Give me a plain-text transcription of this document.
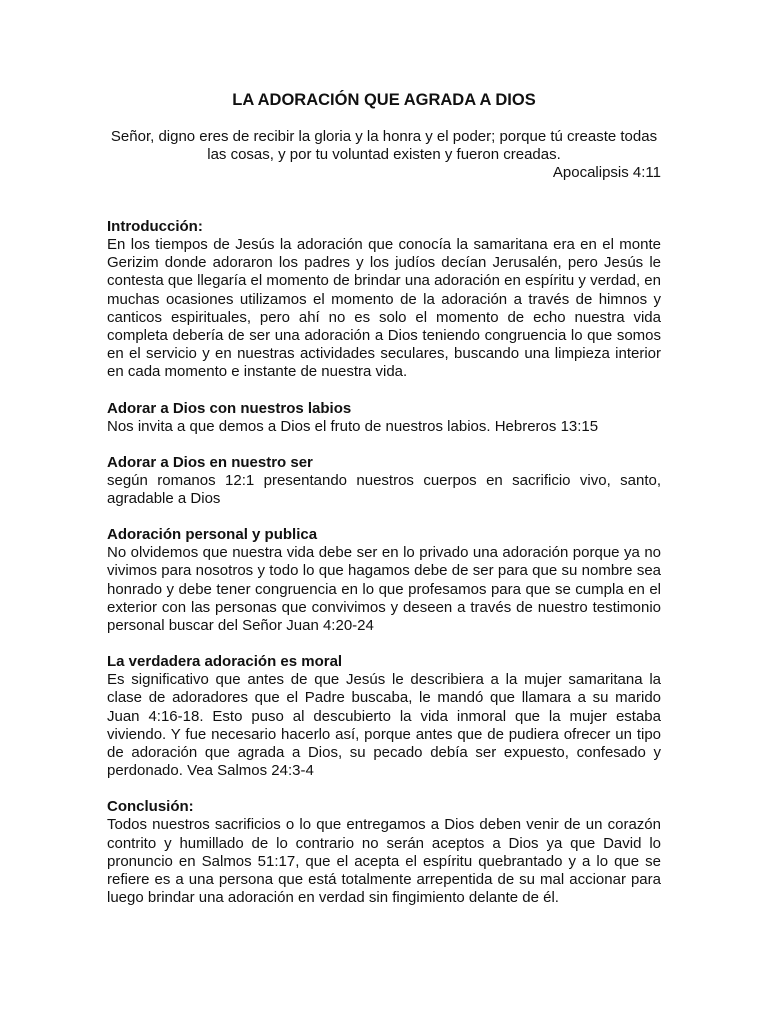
LA ADORACIÓN QUE AGRADA A DIOS

Señor, digno eres de recibir la gloria y la honra y el poder; porque tú creaste todas las cosas, y por tu voluntad existen y fueron creadas.

Apocalipsis 4:11

Introducción:

En los tiempos de Jesús la adoración que conocía la samaritana era en el monte Gerizim donde adoraron los padres y los judíos decían Jerusalén, pero Jesús le contesta que llegaría el momento de brindar una adoración en espíritu y verdad, en muchas ocasiones utilizamos el momento de la adoración a través de himnos y canticos espirituales, pero ahí no es solo el momento de echo nuestra vida completa debería de ser una adoración a Dios teniendo congruencia lo que somos en el servicio y en nuestras actividades seculares, buscando una limpieza interior en cada momento e instante de nuestra vida.

Adorar a Dios con nuestros labios

Nos invita a que demos a Dios el fruto de nuestros labios. Hebreros 13:15

Adorar a Dios en nuestro ser

según romanos 12:1 presentando nuestros cuerpos en sacrificio vivo, santo, agradable a Dios

Adoración personal y publica

No olvidemos que nuestra vida debe ser en lo privado una adoración porque ya no vivimos para nosotros y todo lo que hagamos debe de ser para que su nombre sea honrado y debe tener congruencia en lo que profesamos para que se cumpla en el exterior con las personas que convivimos y deseen a través de nuestro testimonio personal buscar del Señor Juan 4:20-24

La verdadera adoración es moral

Es significativo que antes de que Jesús le describiera a la mujer samaritana la clase de adoradores que el Padre buscaba, le mandó que llamara a su marido Juan 4:16-18. Esto puso al descubierto la vida inmoral que la mujer estaba viviendo. Y fue necesario hacerlo así, porque antes que de pudiera ofrecer un tipo de adoración que agrada a Dios, su pecado debía ser expuesto, confesado y perdonado. Vea Salmos 24:3-4

Conclusión:

Todos nuestros sacrificios o lo que entregamos a Dios deben venir de un corazón contrito y humillado de lo contrario no serán aceptos a Dios ya que David lo pronuncio en Salmos 51:17, que el acepta el espíritu quebrantado y a lo que se refiere es a una persona que está totalmente arrepentida de su mal accionar para luego brindar una adoración en verdad sin fingimiento delante de él.
